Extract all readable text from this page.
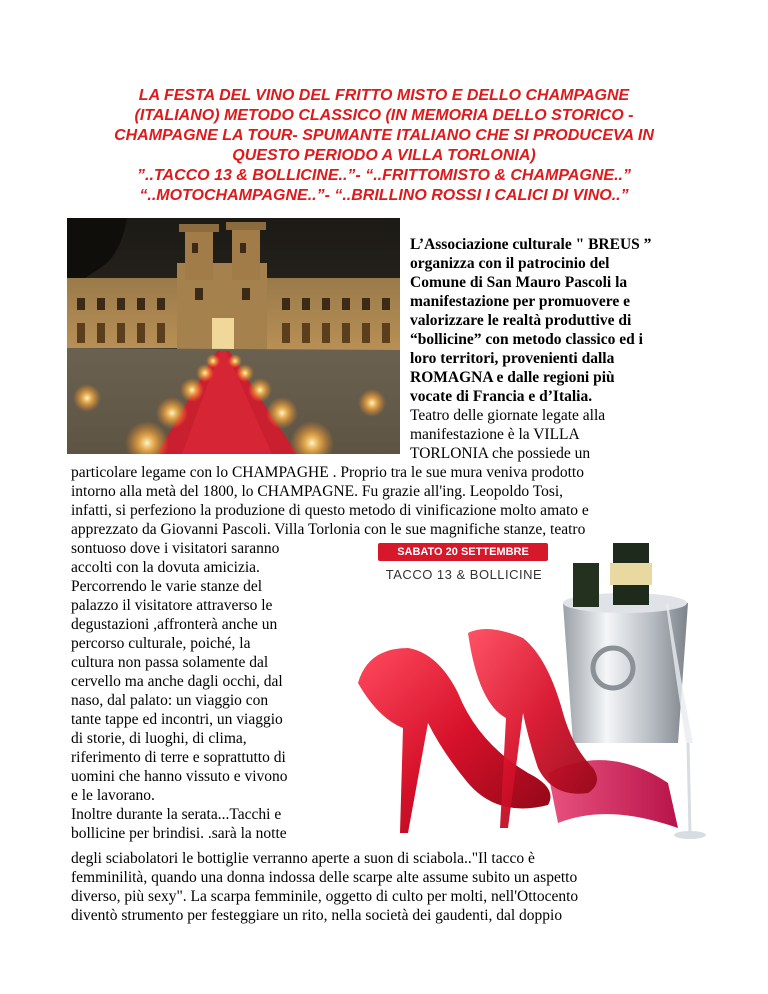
LA FESTA DEL VINO DEL FRITTO MISTO E DELLO CHAMPAGNE
(ITALIANO) METODO CLASSICO (IN MEMORIA DELLO STORICO -
CHAMPAGNE LA TOUR- SPUMANTE ITALIANO CHE SI PRODUCEVA IN
QUESTO PERIODO A VILLA TORLONIA)
”..TACCO 13 & BOLLICINE..”- “..FRITTOMISTO & CHAMPAGNE..”
“..MOTOCHAMPAGNE..”- “..BRILLINO ROSSI I CALICI DI VINO..”

L’Associazione culturale " BREUS ”
organizza con il patrocinio del
Comune di San Mauro Pascoli la
manifestazione per promuovere e
valorizzare le realtà produttive di
“bollicine” con metodo classico ed i
loro territori, provenienti dalla
ROMAGNA e dalle regioni più
vocate di Francia e d’Italia.

Teatro delle giornate legate alla
manifestazione è la VILLA
TORLONIA che possiede un

particolare legame con lo CHAMPAGHE . Proprio tra le sue mura veniva prodotto
intorno alla metà del 1800, lo CHAMPAGNE. Fu grazie all'ing. Leopoldo Tosi,
infatti, si perfeziono la produzione di questo metodo di vinificazione molto amato e
apprezzato da Giovanni Pascoli. Villa Torlonia con le sue magnifiche stanze, teatro

sontuoso dove i visitatori saranno
accolti con la dovuta amicizia.
Percorrendo le varie stanze del
palazzo il visitatore attraverso le
degustazioni ,affronterà anche un
percorso culturale, poiché, la
cultura non passa solamente dal
cervello ma anche dagli occhi, dal
naso, dal palato: un viaggio con
tante tappe ed incontri, un viaggio
di storie, di luoghi, di clima,
riferimento di terre e soprattutto di
uomini che hanno vissuto e vivono
e le lavorano.
Inoltre durante la serata...Tacchi e
bollicine per brindisi. .sarà la notte

SABATO 20 SETTEMBRE
TACCO 13 & BOLLICINE

degli sciabolatori le bottiglie verranno aperte a suon di sciabola.."Il tacco è
femminilità, quando una donna indossa delle scarpe alte assume subito un aspetto
diverso, più sexy". La scarpa femminile, oggetto di culto per molti, nell'Ottocento
diventò strumento per festeggiare un rito, nella società dei gaudenti, dal doppio
